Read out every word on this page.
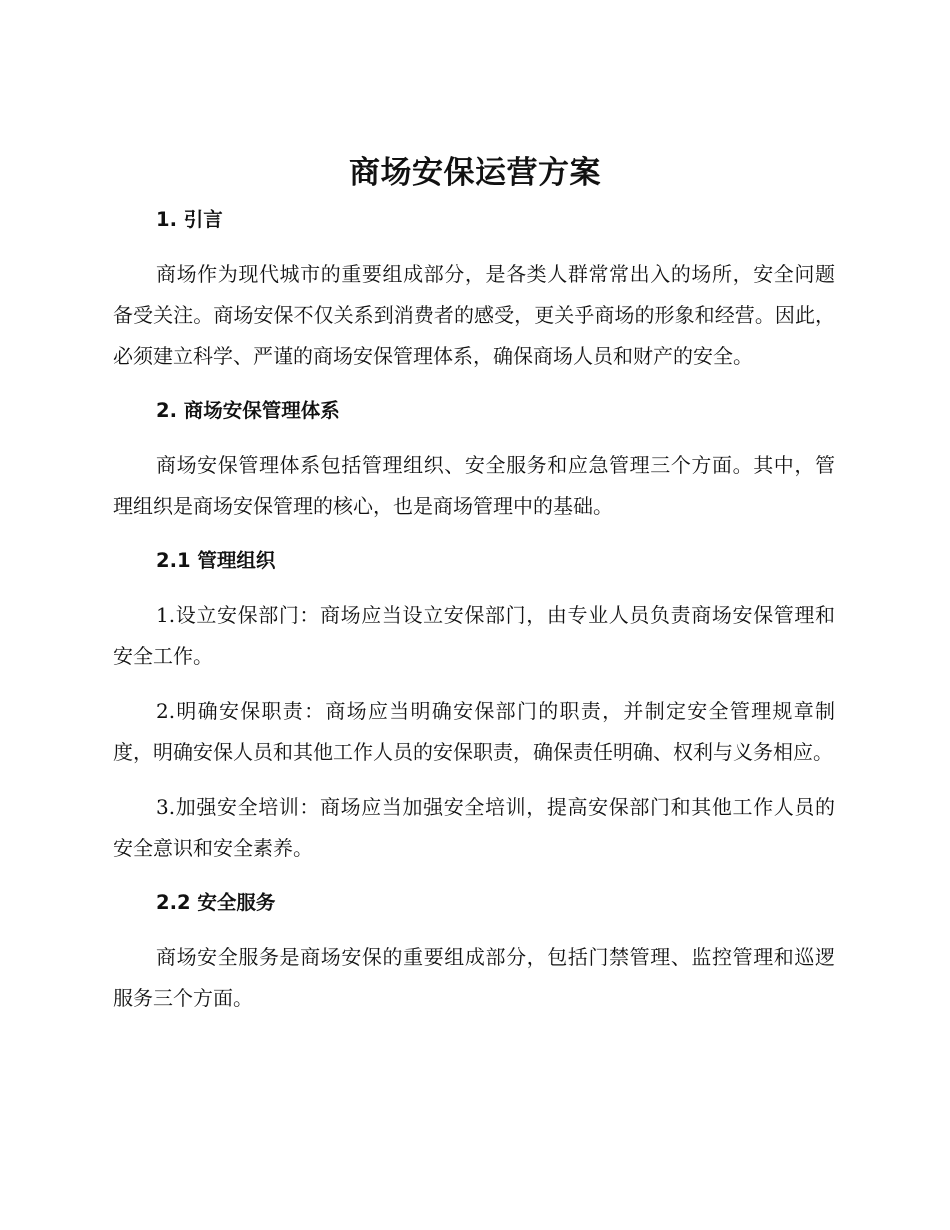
商场安保运营方案
1. 引言

商场作为现代城市的重要组成部分，是各类人群常常出入的场所，安全问题备受关注。商场安保不仅关系到消费者的感受，更关乎商场的形象和经营。因此，必须建立科学、严谨的商场安保管理体系，确保商场人员和财产的安全。

2. 商场安保管理体系

商场安保管理体系包括管理组织、安全服务和应急管理三个方面。其中，管理组织是商场安保管理的核心，也是商场管理中的基础。

2.1 管理组织

1.设立安保部门：商场应当设立安保部门，由专业人员负责商场安保管理和安全工作。

2.明确安保职责：商场应当明确安保部门的职责，并制定安全管理规章制度，明确安保人员和其他工作人员的安保职责，确保责任明确、权利与义务相应。

3.加强安全培训：商场应当加强安全培训，提高安保部门和其他工作人员的安全意识和安全素养。

2.2 安全服务

商场安全服务是商场安保的重要组成部分，包括门禁管理、监控管理和巡逻服务三个方面。
